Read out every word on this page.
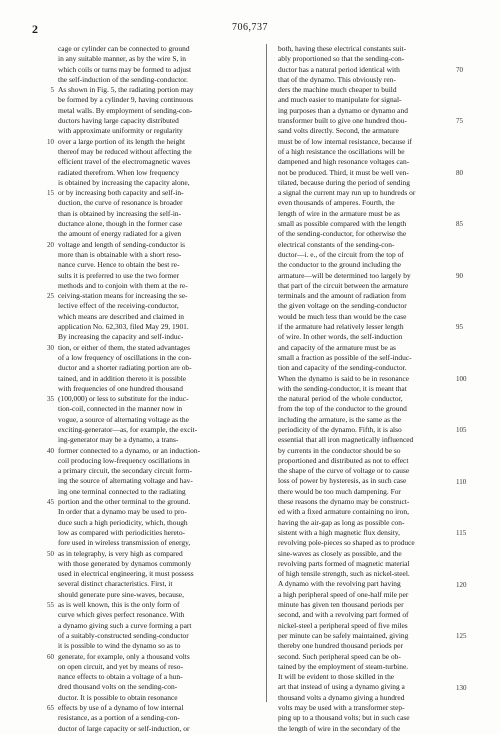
2	706,737
cage or cylinder can be connected to ground
in any suitable manner, as by the wire S, in
which coils or turns may be formed to adjust
the self-induction of the sending-conductor.
As shown in Fig. 5, the radiating portion may
be formed by a cylinder 9, having continuous
metal walls. By employment of sending-con-
ductors having large capacity distributed
with approximate uniformity or regularity
over a large portion of its length the height
thereof may be reduced without affecting the
efficient travel of the electromagnetic waves
radiated therefrom. When low frequency
is obtained by increasing the capacity alone,
or by increasing both capacity and self-in-
duction, the curve of resonance is broader
than is obtained by increasing the self-in-
ductance alone, though in the former case
the amount of energy radiated for a given
voltage and length of sending-conductor is
more than is obtainable with a short reso-
nance curve. Hence to obtain the best re-
sults it is preferred to use the two former
methods and to conjoin with them at the re-
ceiving-station means for increasing the se-
lective effect of the receiving-conductor,
which means are described and claimed in
application No. 62,303, filed May 29, 1901.
By increasing the capacity and self-induc-
tion, or either of them, the stated advantages
of a low frequency of oscillations in the con-
ductor and a shorter radiating portion are ob-
tained, and in addition thereto it is possible
with frequencies of one hundred thousand
(100,000) or less to substitute for the induc-
tion-coil, connected in the manner now in
vogue, a source of alternating voltage as the
exciting-generator—as, for example, the excit-
ing-generator may be a dynamo, a trans-
former connected to a dynamo, or an induction-
coil producing low-frequency oscillations in
a primary circuit, the secondary circuit form-
ing the source of alternating voltage and hav-
ing one terminal connected to the radiating
portion and the other terminal to the ground.
In order that a dynamo may be used to pro-
duce such a high periodicity, which, though
low as compared with periodicities hereto-
fore used in wireless transmission of energy,
as in telegraphy, is very high as compared
with those generated by dynamos commonly
used in electrical engineering, it must possess
several distinct characteristics. First, it
should generate pure sine-waves, because,
as is well known, this is the only form of
curve which gives perfect resonance. With
a dynamo giving such a curve forming a part
of a suitably-constructed sending-conductor
it is possible to wind the dynamo so as to
generate, for example, only a thousand volts
on open circuit, and yet by means of reso-
nance effects to obtain a voltage of a hun-
dred thousand volts on the sending-con-
ductor. It is possible to obtain resonance
effects by use of a dynamo of low internal
resistance, as a portion of a sending-con-
ductor of large capacity or self-induction, or
both, having these electrical constants suit-
ably proportioned so that the sending-con-
ductor has a natural period identical with
that of the dynamo. This obviously ren-
ders the machine much cheaper to build
and much easier to manipulate for signal-
ing purposes than a dynamo or dynamo and
transformer built to give one hundred thou-
sand volts directly. Second, the armature
must be of low internal resistance, because if
of a high resistance the oscillations will be
dampened and high resonance voltages can-
not be produced. Third, it must be well ven-
tilated, because during the period of sending
a signal the current may run up to hundreds or
even thousands of amperes. Fourth, the
length of wire in the armature must be as
small as possible compared with the length
of the sending-conductor, for otherwise the
electrical constants of the sending-con-
ductor—i. e., of the circuit from the top of
the conductor to the ground including the
armature—will be determined too largely by
that part of the circuit between the armature
terminals and the amount of radiation from
the given voltage on the sending-conductor
would be much less than would be the case
if the armature had relatively lesser length
of wire. In other words, the self-induction
and capacity of the armature must be as
small a fraction as possible of the self-induc-
tion and capacity of the sending-conductor.
When the dynamo is said to be in resonance
with the sending-conductor, it is meant that
the natural period of the whole conductor,
from the top of the conductor to the ground
including the armature, is the same as the
periodicity of the dynamo. Fifth, it is also
essential that all iron magnetically influenced
by currents in the conductor should be so
proportioned and distributed as not to effect
the shape of the curve of voltage or to cause
loss of power by hysteresis, as in such case
there would be too much dampening. For
these reasons the dynamo may be construct-
ed with a fixed armature containing no iron,
having the air-gap as long as possible con-
sistent with a high magnetic flux density,
revolving pole-pieces so shaped as to produce
sine-waves as closely as possible, and the
revolving parts formed of magnetic material
of high tensile strength, such as nickel-steel.
A dynamo with the revolving part having
a high peripheral speed of one-half mile per
minute has given ten thousand periods per
second, and with a revolving part formed of
nickel-steel a peripheral speed of five miles
per minute can be safely maintained, giving
thereby one hundred thousand periods per
second. Such peripheral speed can be ob-
tained by the employment of steam-turbine.
It will be evident to those skilled in the
art that instead of using a dynamo giving a
thousand volts a dynamo giving a hundred
volts may be used with a transformer step-
ping up to a thousand volts; but in such case
the length of wire in the secondary of the
5
10
15
20
25
30
35
40
45
50
55
60
65
70
75
80
85
90
95
100
105
110
115
120
125
130
